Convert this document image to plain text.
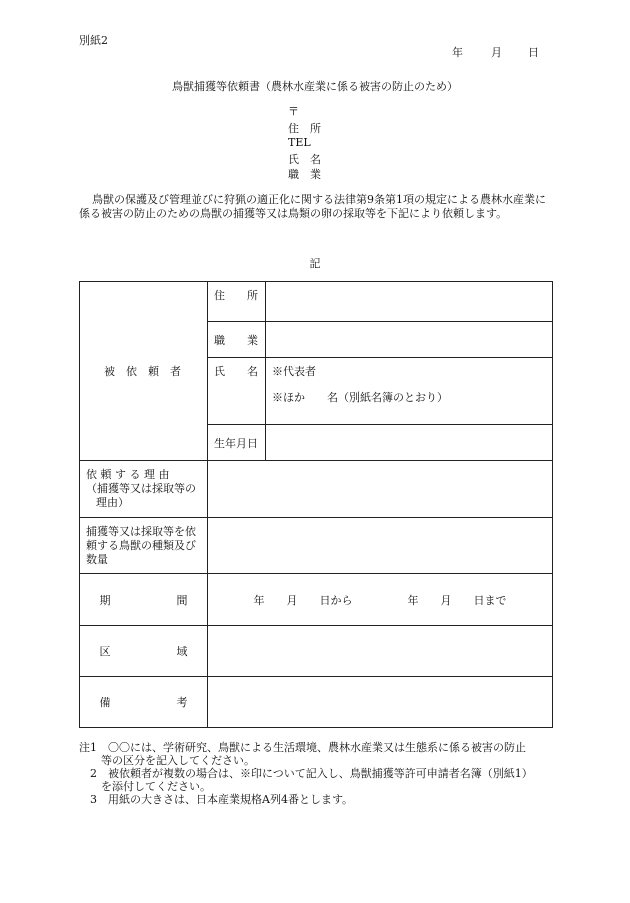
別紙2
年	月 日
鳥獣捕獲等依頼書（農林水産業に係る被害の防止のため）
〒
住　所
TEL
氏　名
職　業
鳥獣の保護及び管理並びに狩猟の適正化に関する法律第9条第1項の規定による農林水産業に係る被害の防止のための鳥獣の捕獲等又は鳥類の卵の採取等を下記により依頼します。
記
被　依　頼　者	住　　所	
	職　　業	
	氏　　名	※代表者
※ほか　　名（別紙名簿のとおり）

	生年月日	

依 頼 す る 理 由
（捕獲等又は採取等の
理由）		

捕獲等又は採取等を依
頼する鳥獣の種類及び
数量		

期　　　　　　間	年　　月　　日から　　　　　年　　月　　日まで	

区　　　　　　域		

備　　　　　　考		

注1　〇〇には、学術研究、鳥獣による生活環境、農林水産業又は生態系に係る被害の防止
　　等の区分を記入してください。
　2　被依頼者が複数の場合は、※印について記入し、鳥獣捕獲等許可申請者名簿（別紙1）
　　を添付してください。
　3　用紙の大きさは、日本産業規格A列4番とします。
